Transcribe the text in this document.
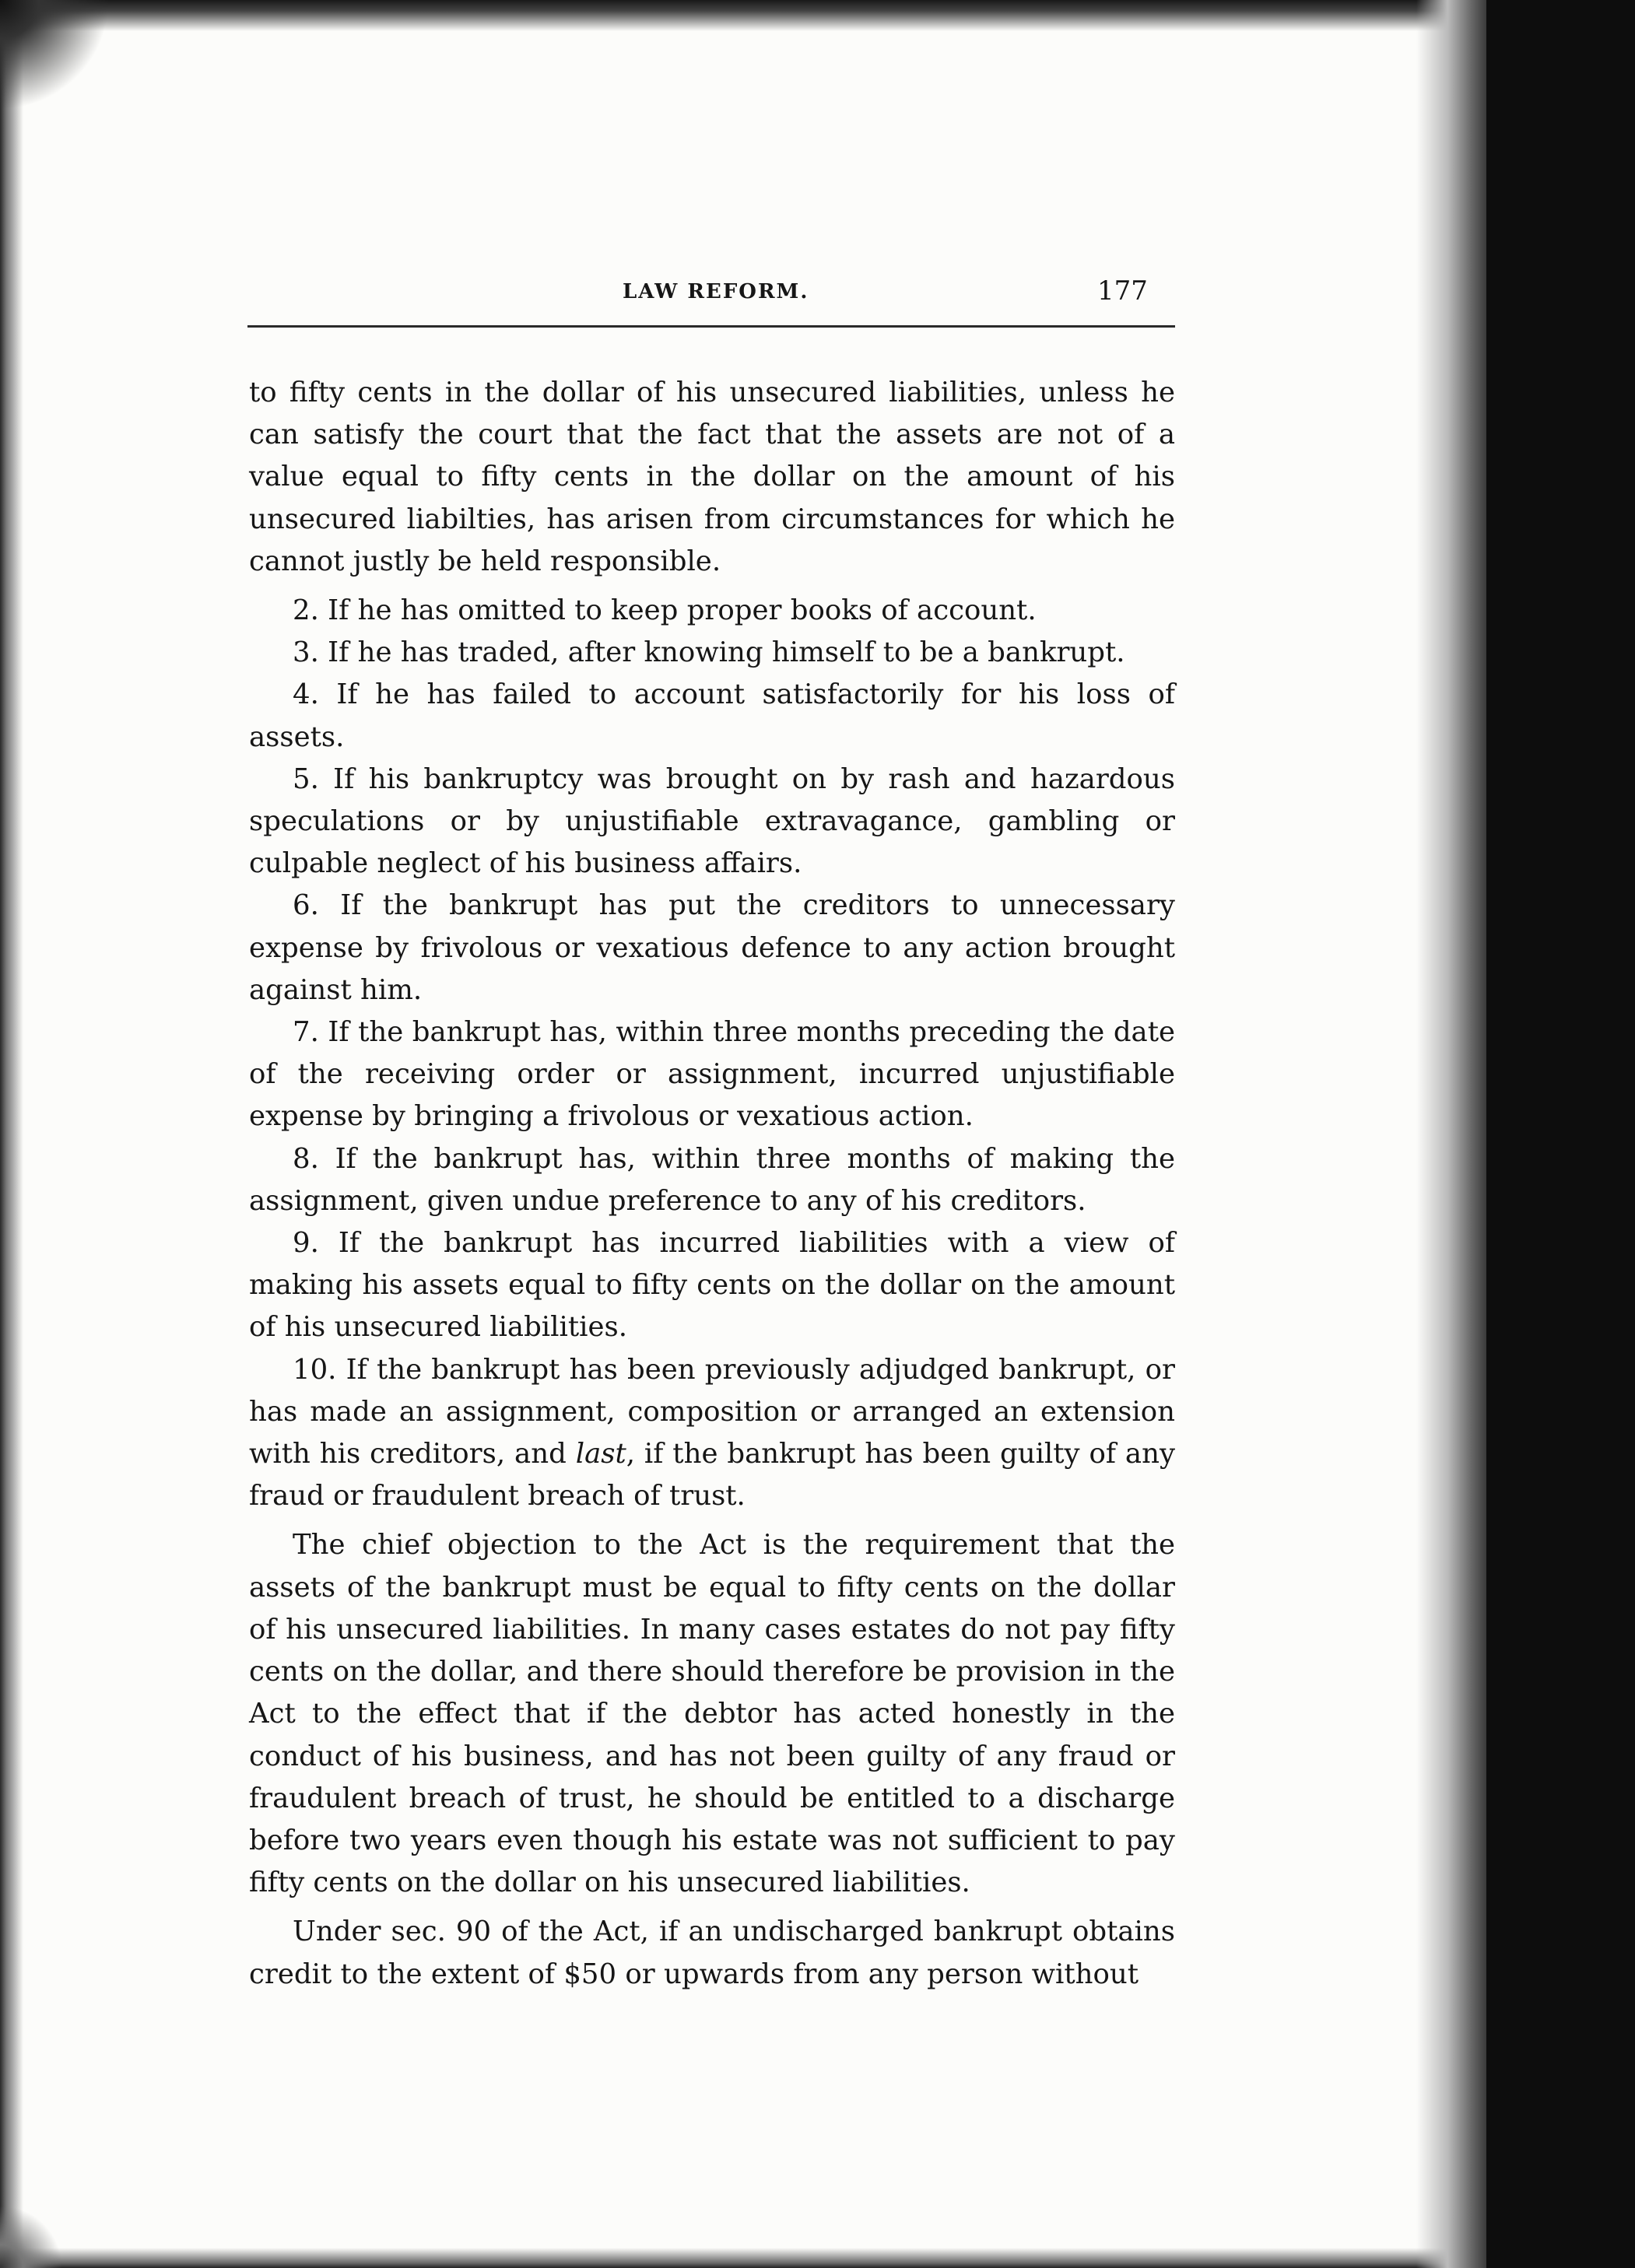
LAW REFORM.	177

to fifty cents in the dollar of his unsecured liabilities, unless he can satisfy the court that the fact that the assets are not of a value equal to fifty cents in the dollar on the amount of his unsecured liabilties, has arisen from circumstances for which he cannot justly be held responsible.

2. If he has omitted to keep proper books of account.

3. If he has traded, after knowing himself to be a bankrupt.

4. If he has failed to account satisfactorily for his loss of assets.

5. If his bankruptcy was brought on by rash and hazardous speculations or by unjustifiable extravagance, gambling or culpable neglect of his business affairs.

6. If the bankrupt has put the creditors to unnecessary expense by frivolous or vexatious defence to any action brought against him.

7. If the bankrupt has, within three months preceding the date of the receiving order or assignment, incurred unjustifiable expense by bringing a frivolous or vexatious action.

8. If the bankrupt has, within three months of making the assignment, given undue preference to any of his creditors.

9. If the bankrupt has incurred liabilities with a view of making his assets equal to fifty cents on the dollar on the amount of his unsecured liabilities.

10. If the bankrupt has been previously adjudged bankrupt, or has made an assignment, composition or arranged an extension with his creditors, and last, if the bankrupt has been guilty of any fraud or fraudulent breach of trust.

The chief objection to the Act is the requirement that the assets of the bankrupt must be equal to fifty cents on the dollar of his unsecured liabilities. In many cases estates do not pay fifty cents on the dollar, and there should therefore be provision in the Act to the effect that if the debtor has acted honestly in the conduct of his business, and has not been guilty of any fraud or fraudulent breach of trust, he should be entitled to a discharge before two years even though his estate was not sufficient to pay fifty cents on the dollar on his unsecured liabilities.

Under sec. 90 of the Act, if an undischarged bankrupt obtains credit to the extent of $50 or upwards from any person without
